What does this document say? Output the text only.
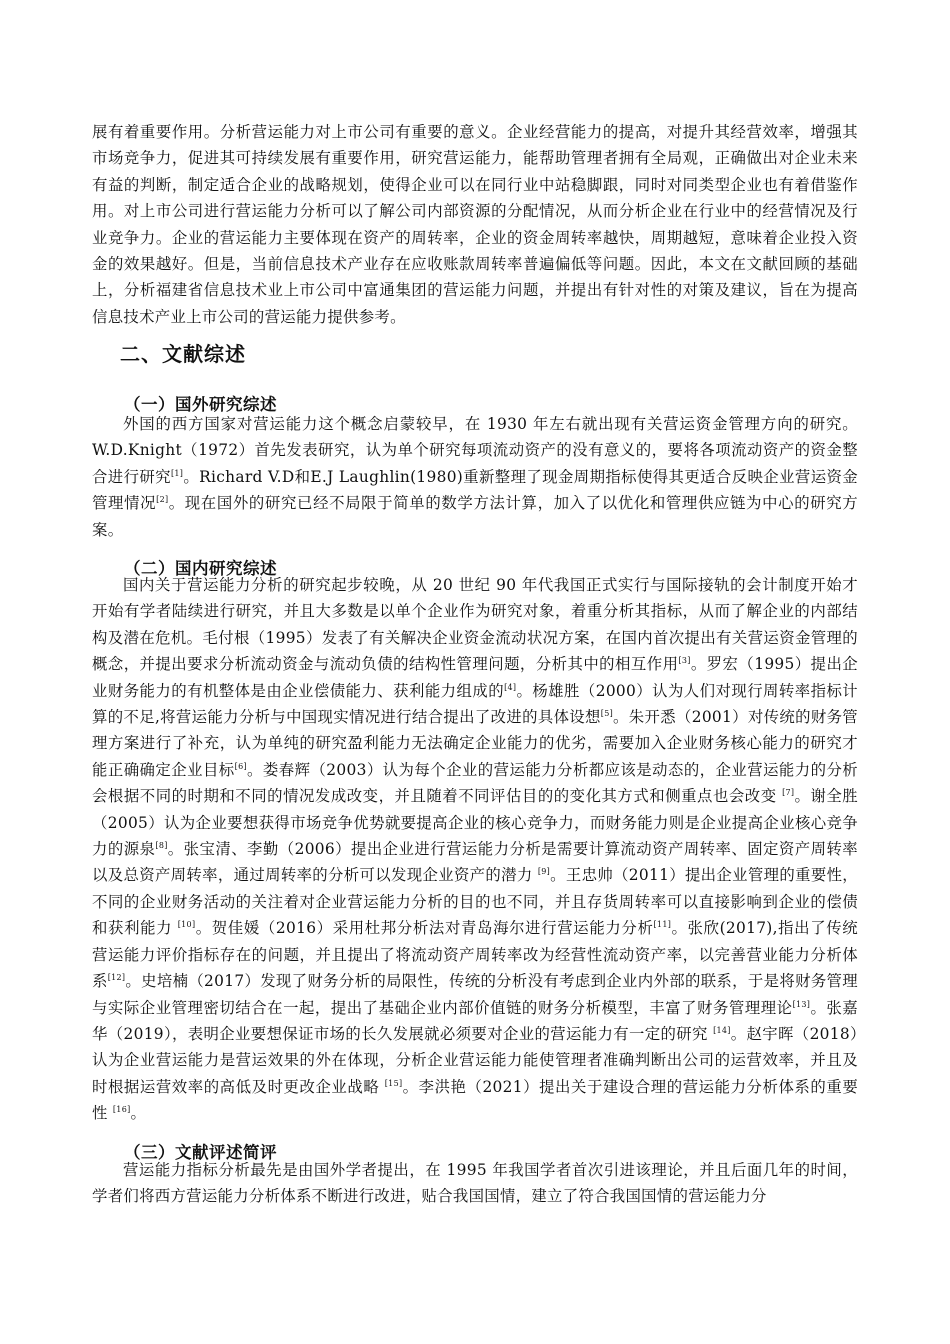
展有着重要作用。分析营运能力对上市公司有重要的意义。企业经营能力的提高，对提升其经营效率，增强其市场竞争力，促进其可持续发展有重要作用，研究营运能力，能帮助管理者拥有全局观，正确做出对企业未来有益的判断，制定适合企业的战略规划，使得企业可以在同行业中站稳脚跟，同时对同类型企业也有着借鉴作用。对上市公司进行营运能力分析可以了解公司内部资源的分配情况，从而分析企业在行业中的经营情况及行业竞争力。企业的营运能力主要体现在资产的周转率，企业的资金周转率越快，周期越短，意味着企业投入资金的效果越好。但是，当前信息技术产业存在应收账款周转率普遍偏低等问题。因此，本文在文献回顾的基础上，分析福建省信息技术业上市公司中富通集团的营运能力问题，并提出有针对性的对策及建议，旨在为提高信息技术产业上市公司的营运能力提供参考。

二、文献综述
（一）国外研究综述

外国的西方国家对营运能力这个概念启蒙较早，在 1930 年左右就出现有关营运资金管理方向的研究。W.D.Knight（1972）首先发表研究，认为单个研究每项流动资产的没有意义的，要将各项流动资产的资金整合进行研究[1]。Richard V.D和E.J Laughlin(1980)重新整理了现金周期指标使得其更适合反映企业营运资金管理情况[2]。现在国外的研究已经不局限于简单的数学方法计算，加入了以优化和管理供应链为中心的研究方案。

（二）国内研究综述

国内关于营运能力分析的研究起步较晚，从 20 世纪 90 年代我国正式实行与国际接轨的会计制度开始才开始有学者陆续进行研究，并且大多数是以单个企业作为研究对象，着重分析其指标，从而了解企业的内部结构及潜在危机。毛付根（1995）发表了有关解决企业资金流动状况方案，在国内首次提出有关营运资金管理的概念，并提出要求分析流动资金与流动负债的结构性管理问题，分析其中的相互作用[3]。罗宏（1995）提出企业财务能力的有机整体是由企业偿债能力、获利能力组成的[4]。杨雄胜（2000）认为人们对现行周转率指标计算的不足,将营运能力分析与中国现实情况进行结合提出了改进的具体设想[5]。朱开悉（2001）对传统的财务管理方案进行了补充，认为单纯的研究盈利能力无法确定企业能力的优劣，需要加入企业财务核心能力的研究才能正确确定企业目标[6]。娄春辉（2003）认为每个企业的营运能力分析都应该是动态的，企业营运能力的分析会根据不同的时期和不同的情况发成改变，并且随着不同评估目的的变化其方式和侧重点也会改变 [7]。谢全胜（2005）认为企业要想获得市场竞争优势就要提高企业的核心竞争力，而财务能力则是企业提高企业核心竞争力的源泉[8]。张宝清、李勤（2006）提出企业进行营运能力分析是需要计算流动资产周转率、固定资产周转率以及总资产周转率，通过周转率的分析可以发现企业资产的潜力 [9]。王忠帅（2011）提出企业管理的重要性，不同的企业财务活动的关注着对企业营运能力分析的目的也不同，并且存货周转率可以直接影响到企业的偿债和获利能力 [10]。贺佳媛（2016）采用杜邦分析法对青岛海尔进行营运能力分析[11]。张欣(2017),指出了传统营运能力评价指标存在的问题，并且提出了将流动资产周转率改为经营性流动资产率，以完善营业能力分析体系[12]。史培楠（2017）发现了财务分析的局限性，传统的分析没有考虑到企业内外部的联系，于是将财务管理与实际企业管理密切结合在一起，提出了基础企业内部价值链的财务分析模型，丰富了财务管理理论[13]。张嘉华（2019），表明企业要想保证市场的长久发展就必须要对企业的营运能力有一定的研究 [14]。赵宇晖（2018）认为企业营运能力是营运效果的外在体现，分析企业营运能力能使管理者准确判断出公司的运营效率，并且及时根据运营效率的高低及时更改企业战略 [15]。李洪艳（2021）提出关于建设合理的营运能力分析体系的重要性 [16]。

（三）文献评述简评

营运能力指标分析最先是由国外学者提出，在 1995 年我国学者首次引进该理论，并且后面几年的时间，学者们将西方营运能力分析体系不断进行改进，贴合我国国情，建立了符合我国国情的营运能力分
